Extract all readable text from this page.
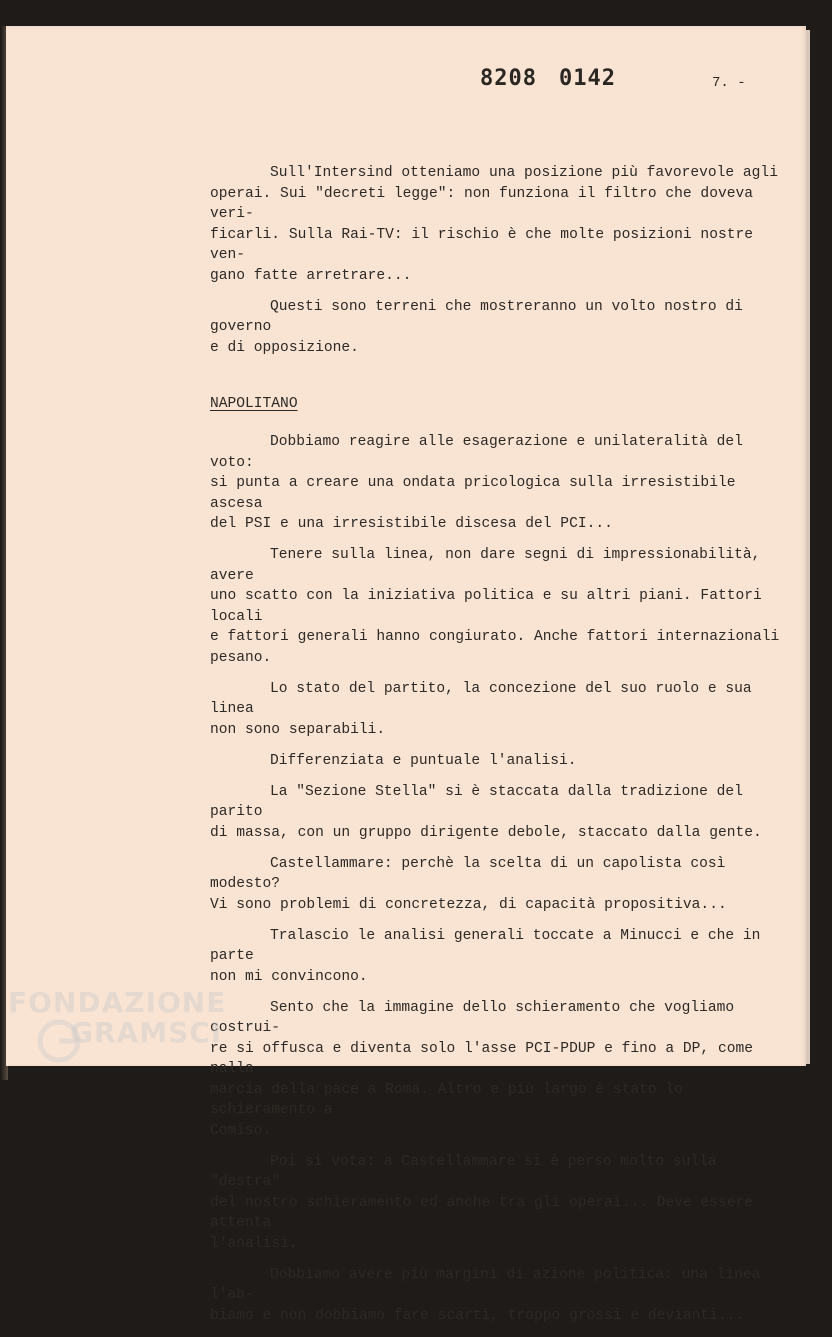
8208 0142	7. -

Sull'Intersind otteniamo una posizione più favorevole agli
operai. Sui "decreti legge": non funziona il filtro che doveva veri-
ficarli. Sulla Rai-TV: il rischio è che molte posizioni nostre ven-
gano fatte arretrare...

Questi sono terreni che mostreranno un volto nostro di governo
e di opposizione.

NAPOLITANO

Dobbiamo reagire alle esagerazione e unilateralità del voto:
si punta a creare una ondata pricologica sulla irresistibile ascesa
del PSI e una irresistibile discesa del PCI...

Tenere sulla linea, non dare segni di impressionabilità, avere
uno scatto con la iniziativa politica e su altri piani. Fattori locali
e fattori generali hanno congiurato. Anche fattori internazionali pesano.

Lo stato del partito, la concezione del suo ruolo e sua linea
non sono separabili.

Differenziata e puntuale l'analisi.

La "Sezione Stella" si è staccata dalla tradizione del parito
di massa, con un gruppo dirigente debole, staccato dalla gente.

Castellammare: perchè la scelta di un capolista così modesto?
Vi sono problemi di concretezza, di capacità propositiva...

Tralascio le analisi generali toccate a Minucci e che in parte
non mi convincono.

Sento che la immagine dello schieramento che vogliamo costrui-
re si offusca e diventa solo l'asse PCI-PDUP e fino a DP, come nalla
marcia della pace a Roma. Altro e più largo è stato lo schieramento a
Comiso.

Poi si vota: a Castellammare si è perso molto sulla "destra"
del nostro schieramento ed anche tra gli operai... Deve essere attenta
l'analisi.

Dobbiamo avere più margini di azione politica: una linea l'ab-
biamo e non dobbiamo fare scarti, troppo grossi e devianti...

FONDAZIONE
GRAMSCI
